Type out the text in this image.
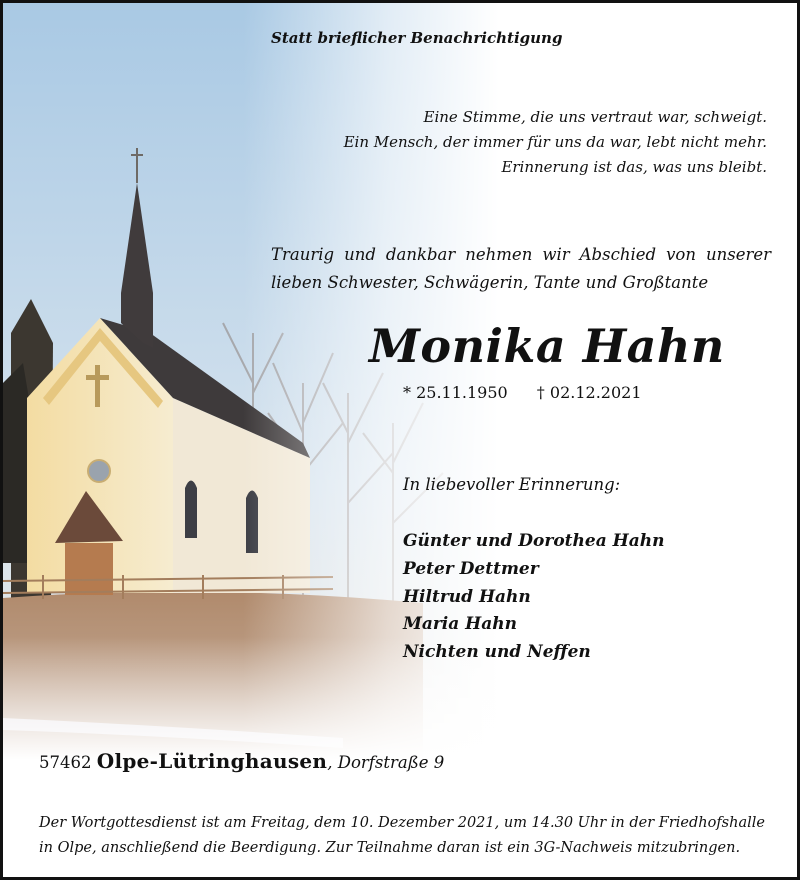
Statt brieflicher Benachrichtigung
Eine Stimme, die uns vertraut war, schweigt.
Ein Mensch, der immer für uns da war, lebt nicht mehr.
Erinnerung ist das, was uns bleibt.
Traurig und dankbar nehmen wir Abschied von unserer
lieben Schwester, Schwägerin, Tante und Großtante
Monika Hahn
* 25.11.1950 † 02.12.2021
In liebevoller Erinnerung:
Günter und Dorothea Hahn
Peter Dettmer
Hiltrud Hahn
Maria Hahn
Nichten und Neffen
57462 Olpe-Lütringhausen, Dorfstraße 9
Der Wortgottesdienst ist am Freitag, dem 10. Dezember 2021, um 14.30 Uhr in der Friedhofshalle in Olpe, anschließend die Beerdigung. Zur Teilnahme daran ist ein 3G-Nachweis mitzubringen.
